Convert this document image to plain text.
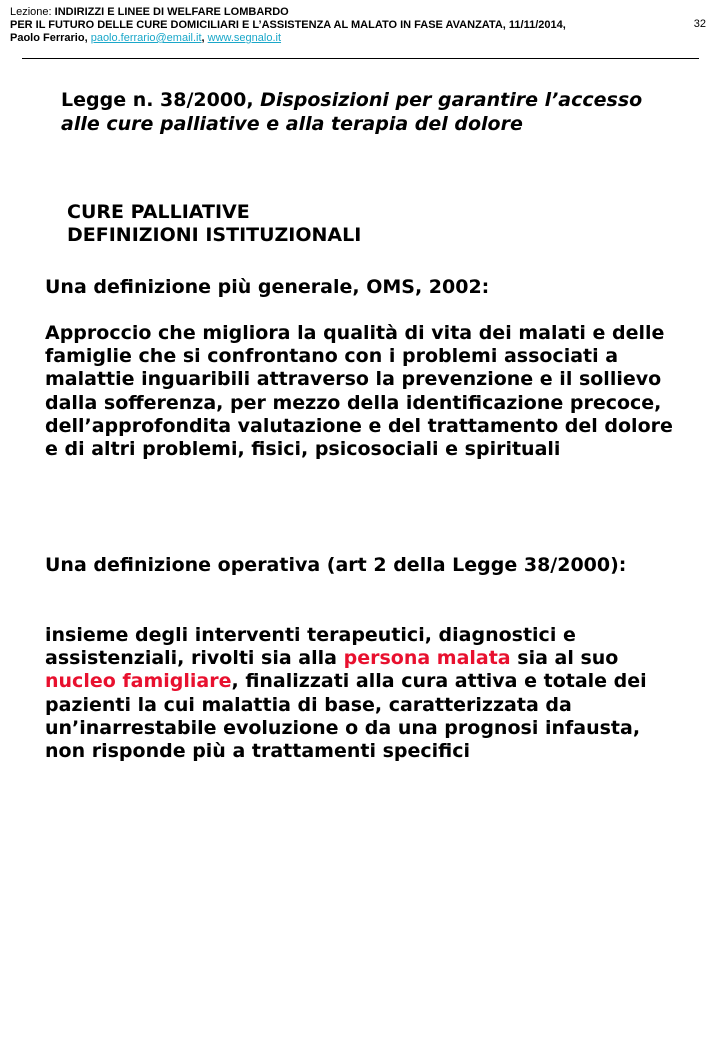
Lezione: INDIRIZZI E LINEE DI WELFARE LOMBARDO
PER IL FUTURO DELLE CURE DOMICILIARI E L’ASSISTENZA AL MALATO IN FASE AVANZATA, 11/11/2014,
Paolo Ferrario, paolo.ferrario@email.it, www.segnalo.it
32
Legge n. 38/2000, Disposizioni per garantire l’accesso alle cure palliative e alla terapia del dolore
CURE PALLIATIVE
DEFINIZIONI ISTITUZIONALI
Una definizione più generale, OMS, 2002:
Approccio che migliora la qualità di vita dei malati e delle famiglie che si confrontano con i problemi associati a malattie inguaribili attraverso la prevenzione e il sollievo dalla sofferenza, per mezzo della identificazione precoce, dell’approfondita valutazione e del trattamento del dolore e di altri problemi, fisici, psicosociali e spirituali
Una definizione operativa (art 2 della Legge 38/2000):
insieme degli interventi terapeutici, diagnostici e assistenziali, rivolti sia alla persona malata sia al suo nucleo famigliare, finalizzati alla cura attiva e totale dei pazienti la cui malattia di base, caratterizzata da un’inarrestabile evoluzione o da una prognosi infausta, non risponde più a trattamenti specifici
